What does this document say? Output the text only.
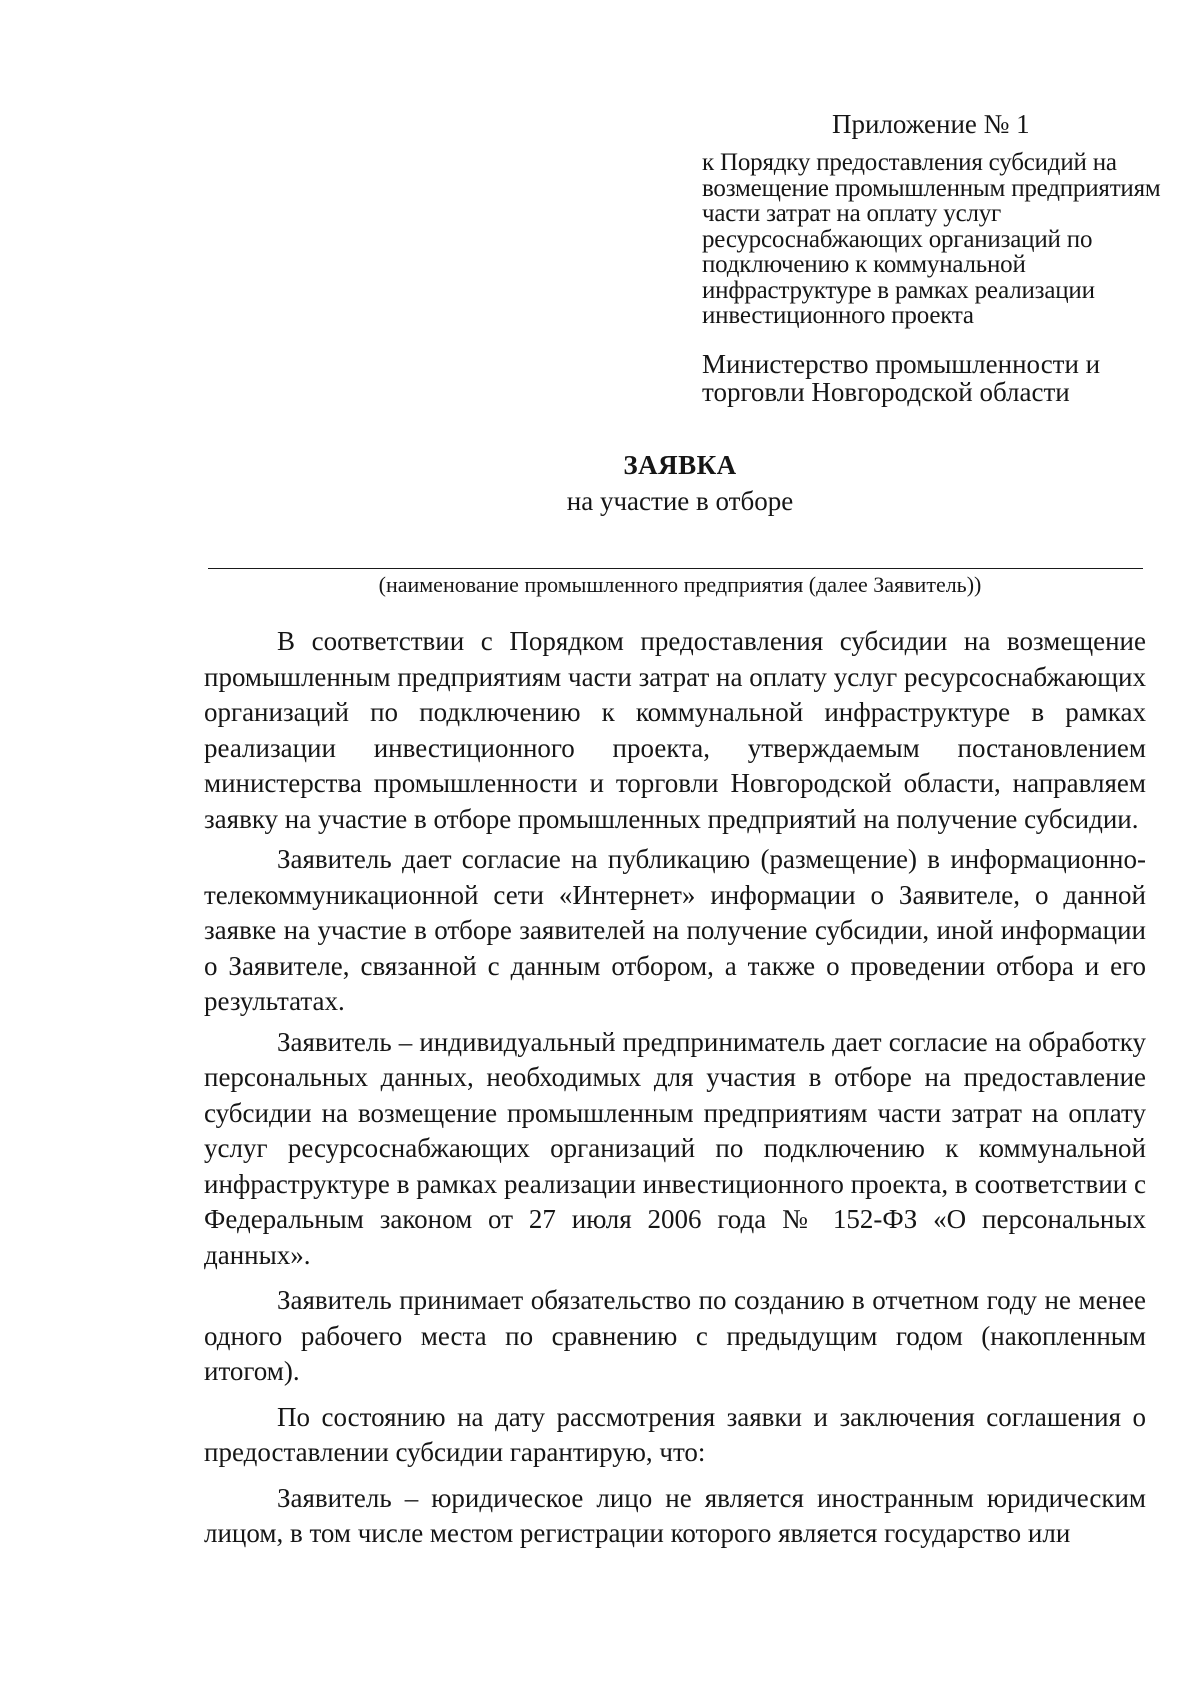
Приложение № 1
к Порядку предоставления субсидий на возмещение промышленным предприятиям части затрат на оплату услуг ресурсоснабжающих организаций по подключению к коммунальной инфраструктуре в рамках реализации инвестиционного проекта
Министерство промышленности и торговли Новгородской области
ЗАЯВКА
на участие в отборе
(наименование промышленного предприятия (далее Заявитель))

В соответствии с Порядком предоставления субсидии на возмещение промышленным предприятиям части затрат на оплату услуг ресурсоснабжающих организаций по подключению к коммунальной инфраструктуре в рамках реализации инвестиционного проекта, утверждаемым постановлением министерства промышленности и торговли Новгородской области, направляем заявку на участие в отборе промышленных предприятий на получение субсидии.

Заявитель дает согласие на публикацию (размещение) в информационно-телекоммуникационной сети «Интернет» информации о Заявителе, о данной заявке на участие в отборе заявителей на получение субсидии, иной информации о Заявителе, связанной с данным отбором, а также о проведении отбора и его результатах.

Заявитель – индивидуальный предприниматель дает согласие на обработку персональных данных, необходимых для участия в отборе на предоставление субсидии на возмещение промышленным предприятиям части затрат на оплату услуг ресурсоснабжающих организаций по подключению к коммунальной инфраструктуре в рамках реализации инвестиционного проекта, в соответствии с Федеральным законом от 27 июля 2006 года № 152-ФЗ «О персональных данных».

Заявитель принимает обязательство по созданию в отчетном году не менее одного рабочего места по сравнению с предыдущим годом (накопленным итогом).

По состоянию на дату рассмотрения заявки и заключения соглашения о предоставлении субсидии гарантирую, что:

Заявитель – юридическое лицо не является иностранным юридическим лицом, в том числе местом регистрации которого является государство или
